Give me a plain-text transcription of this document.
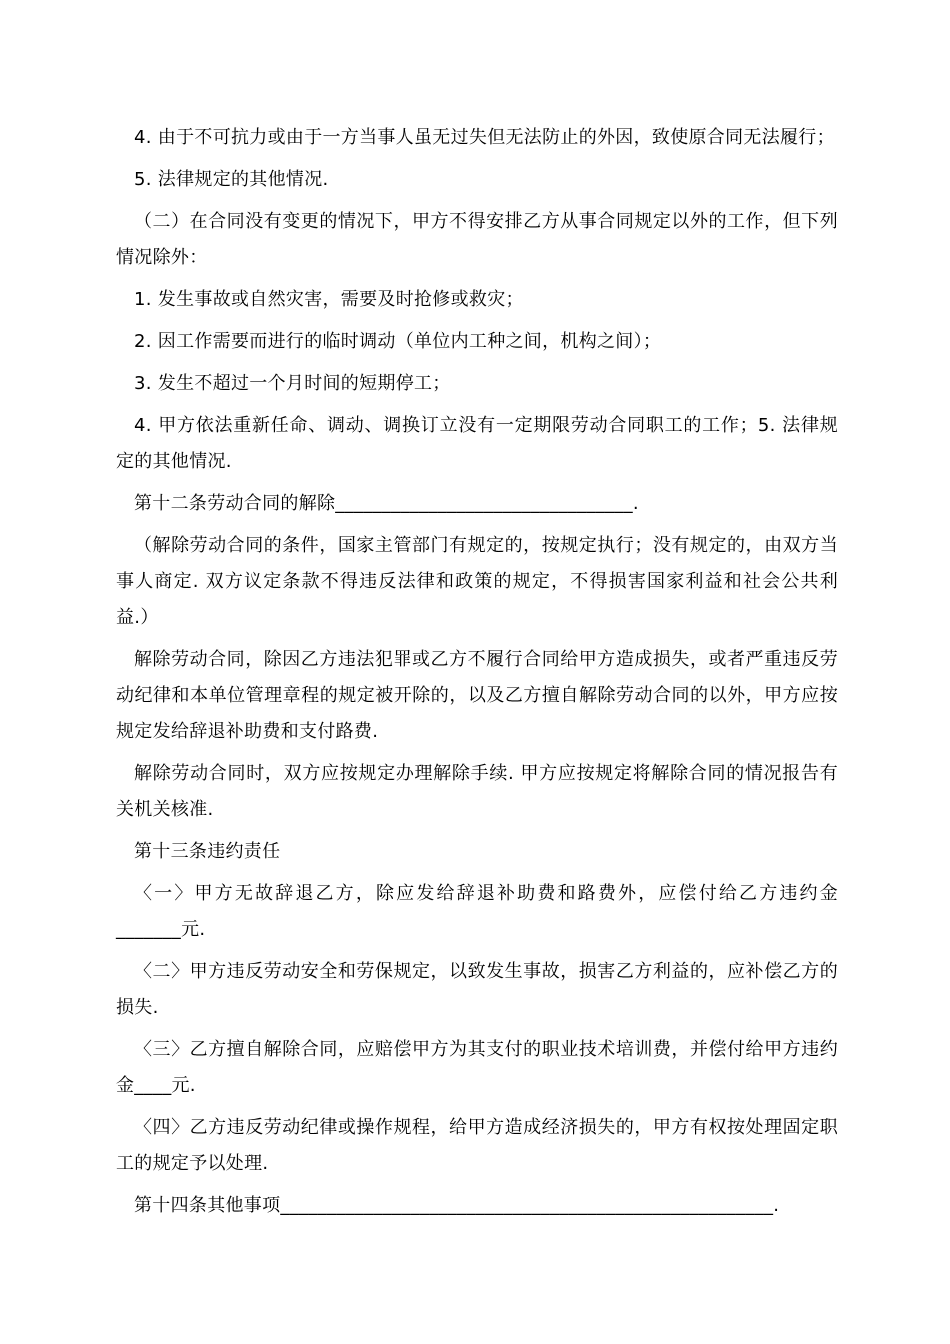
4. 由于不可抗力或由于一方当事人虽无过失但无法防止的外因，致使原合同无法履行；

5. 法律规定的其他情况.

（二）在合同没有变更的情况下，甲方不得安排乙方从事合同规定以外的工作，但下列情况除外：

1. 发生事故或自然灾害，需要及时抢修或救灾；

2. 因工作需要而进行的临时调动（单位内工种之间，机构之间）；

3. 发生不超过一个月时间的短期停工；

4. 甲方依法重新任命、调动、调换订立没有一定期限劳动合同职工的工作；5. 法律规定的其他情况.

第十二条劳动合同的解除________________________________.

（解除劳动合同的条件，国家主管部门有规定的，按规定执行；没有规定的，由双方当事人商定. 双方议定条款不得违反法律和政策的规定，不得损害国家利益和社会公共利益.）

解除劳动合同，除因乙方违法犯罪或乙方不履行合同给甲方造成损失，或者严重违反劳动纪律和本单位管理章程的规定被开除的，以及乙方擅自解除劳动合同的以外，甲方应按规定发给辞退补助费和支付路费.

解除劳动合同时，双方应按规定办理解除手续. 甲方应按规定将解除合同的情况报告有关机关核准.

第十三条违约责任

〈一〉甲方无故辞退乙方，除应发给辞退补助费和路费外，应偿付给乙方违约金_______元.

〈二〉甲方违反劳动安全和劳保规定，以致发生事故，损害乙方利益的，应补偿乙方的损失.

〈三〉乙方擅自解除合同，应赔偿甲方为其支付的职业技术培训费，并偿付给甲方违约金____元.

〈四〉乙方违反劳动纪律或操作规程，给甲方造成经济损失的，甲方有权按处理固定职工的规定予以处理.

第十四条其他事项_____________________________________________________.
